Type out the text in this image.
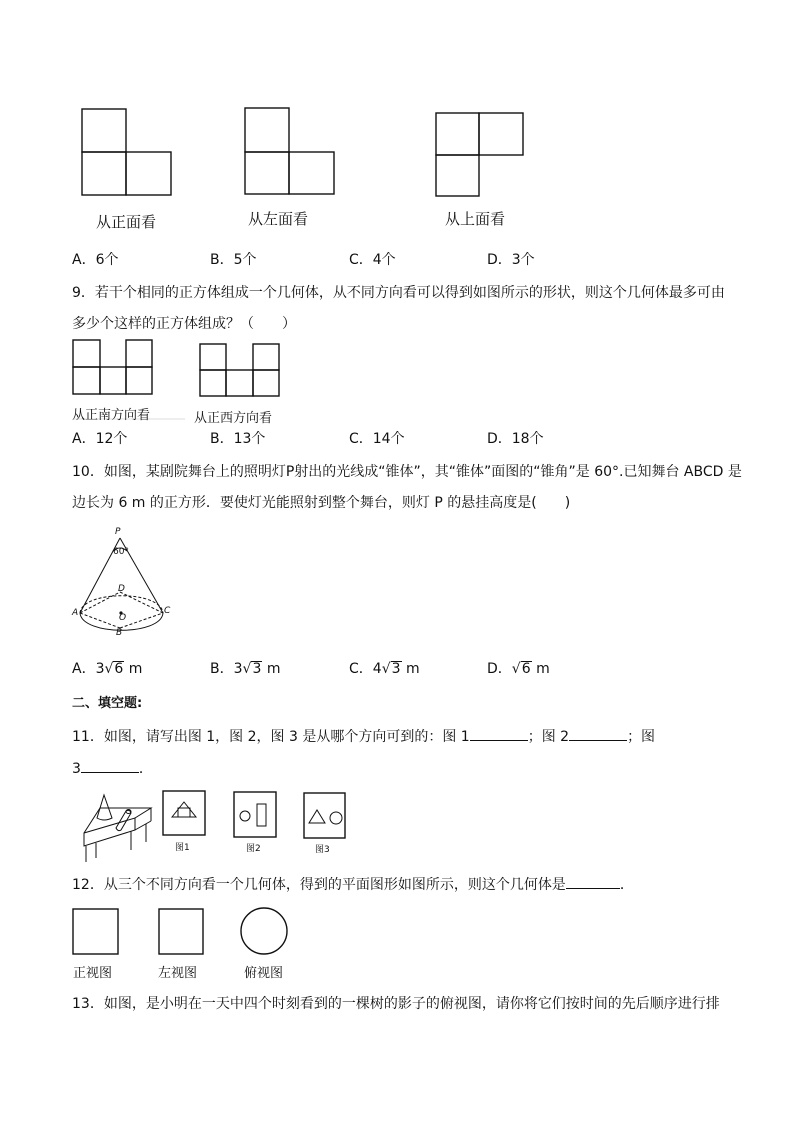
从正面看	从左面看	从上面看
A．6个	B．5个	C．4个	D．3个
9．若干个相同的正方体组成一个几何体，从不同方向看可以得到如图所示的形状，则这个几何体最多可由
多少个这样的正方体组成？（　　）
从正南方向看	从正西方向看
A．12个	B．13个	C．14个	D．18个
10．如图，某剧院舞台上的照明灯P射出的光线成“锥体”，其“锥体”面图的“锥角”是 60°.已知舞台 ABCD 是
边长为 6 m 的正方形．要使灯光能照射到整个舞台，则灯 P 的悬挂高度是(　　)
P
60°
D
A	C
O
B
A．3√6 m	B．3√3 m	C．4√3 m	D．√6 m
二、填空题:
11．如图，请写出图 1，图 2，图 3 是从哪个方向可到的：图 1	；图 2	；图
3	．
图1	图2	图3
12．从三个不同方向看一个几何体，得到的平面图形如图所示，则这个几何体是	．
正视图	左视图	俯视图
13．如图，是小明在一天中四个时刻看到的一棵树的影子的俯视图，请你将它们按时间的先后顺序进行排
